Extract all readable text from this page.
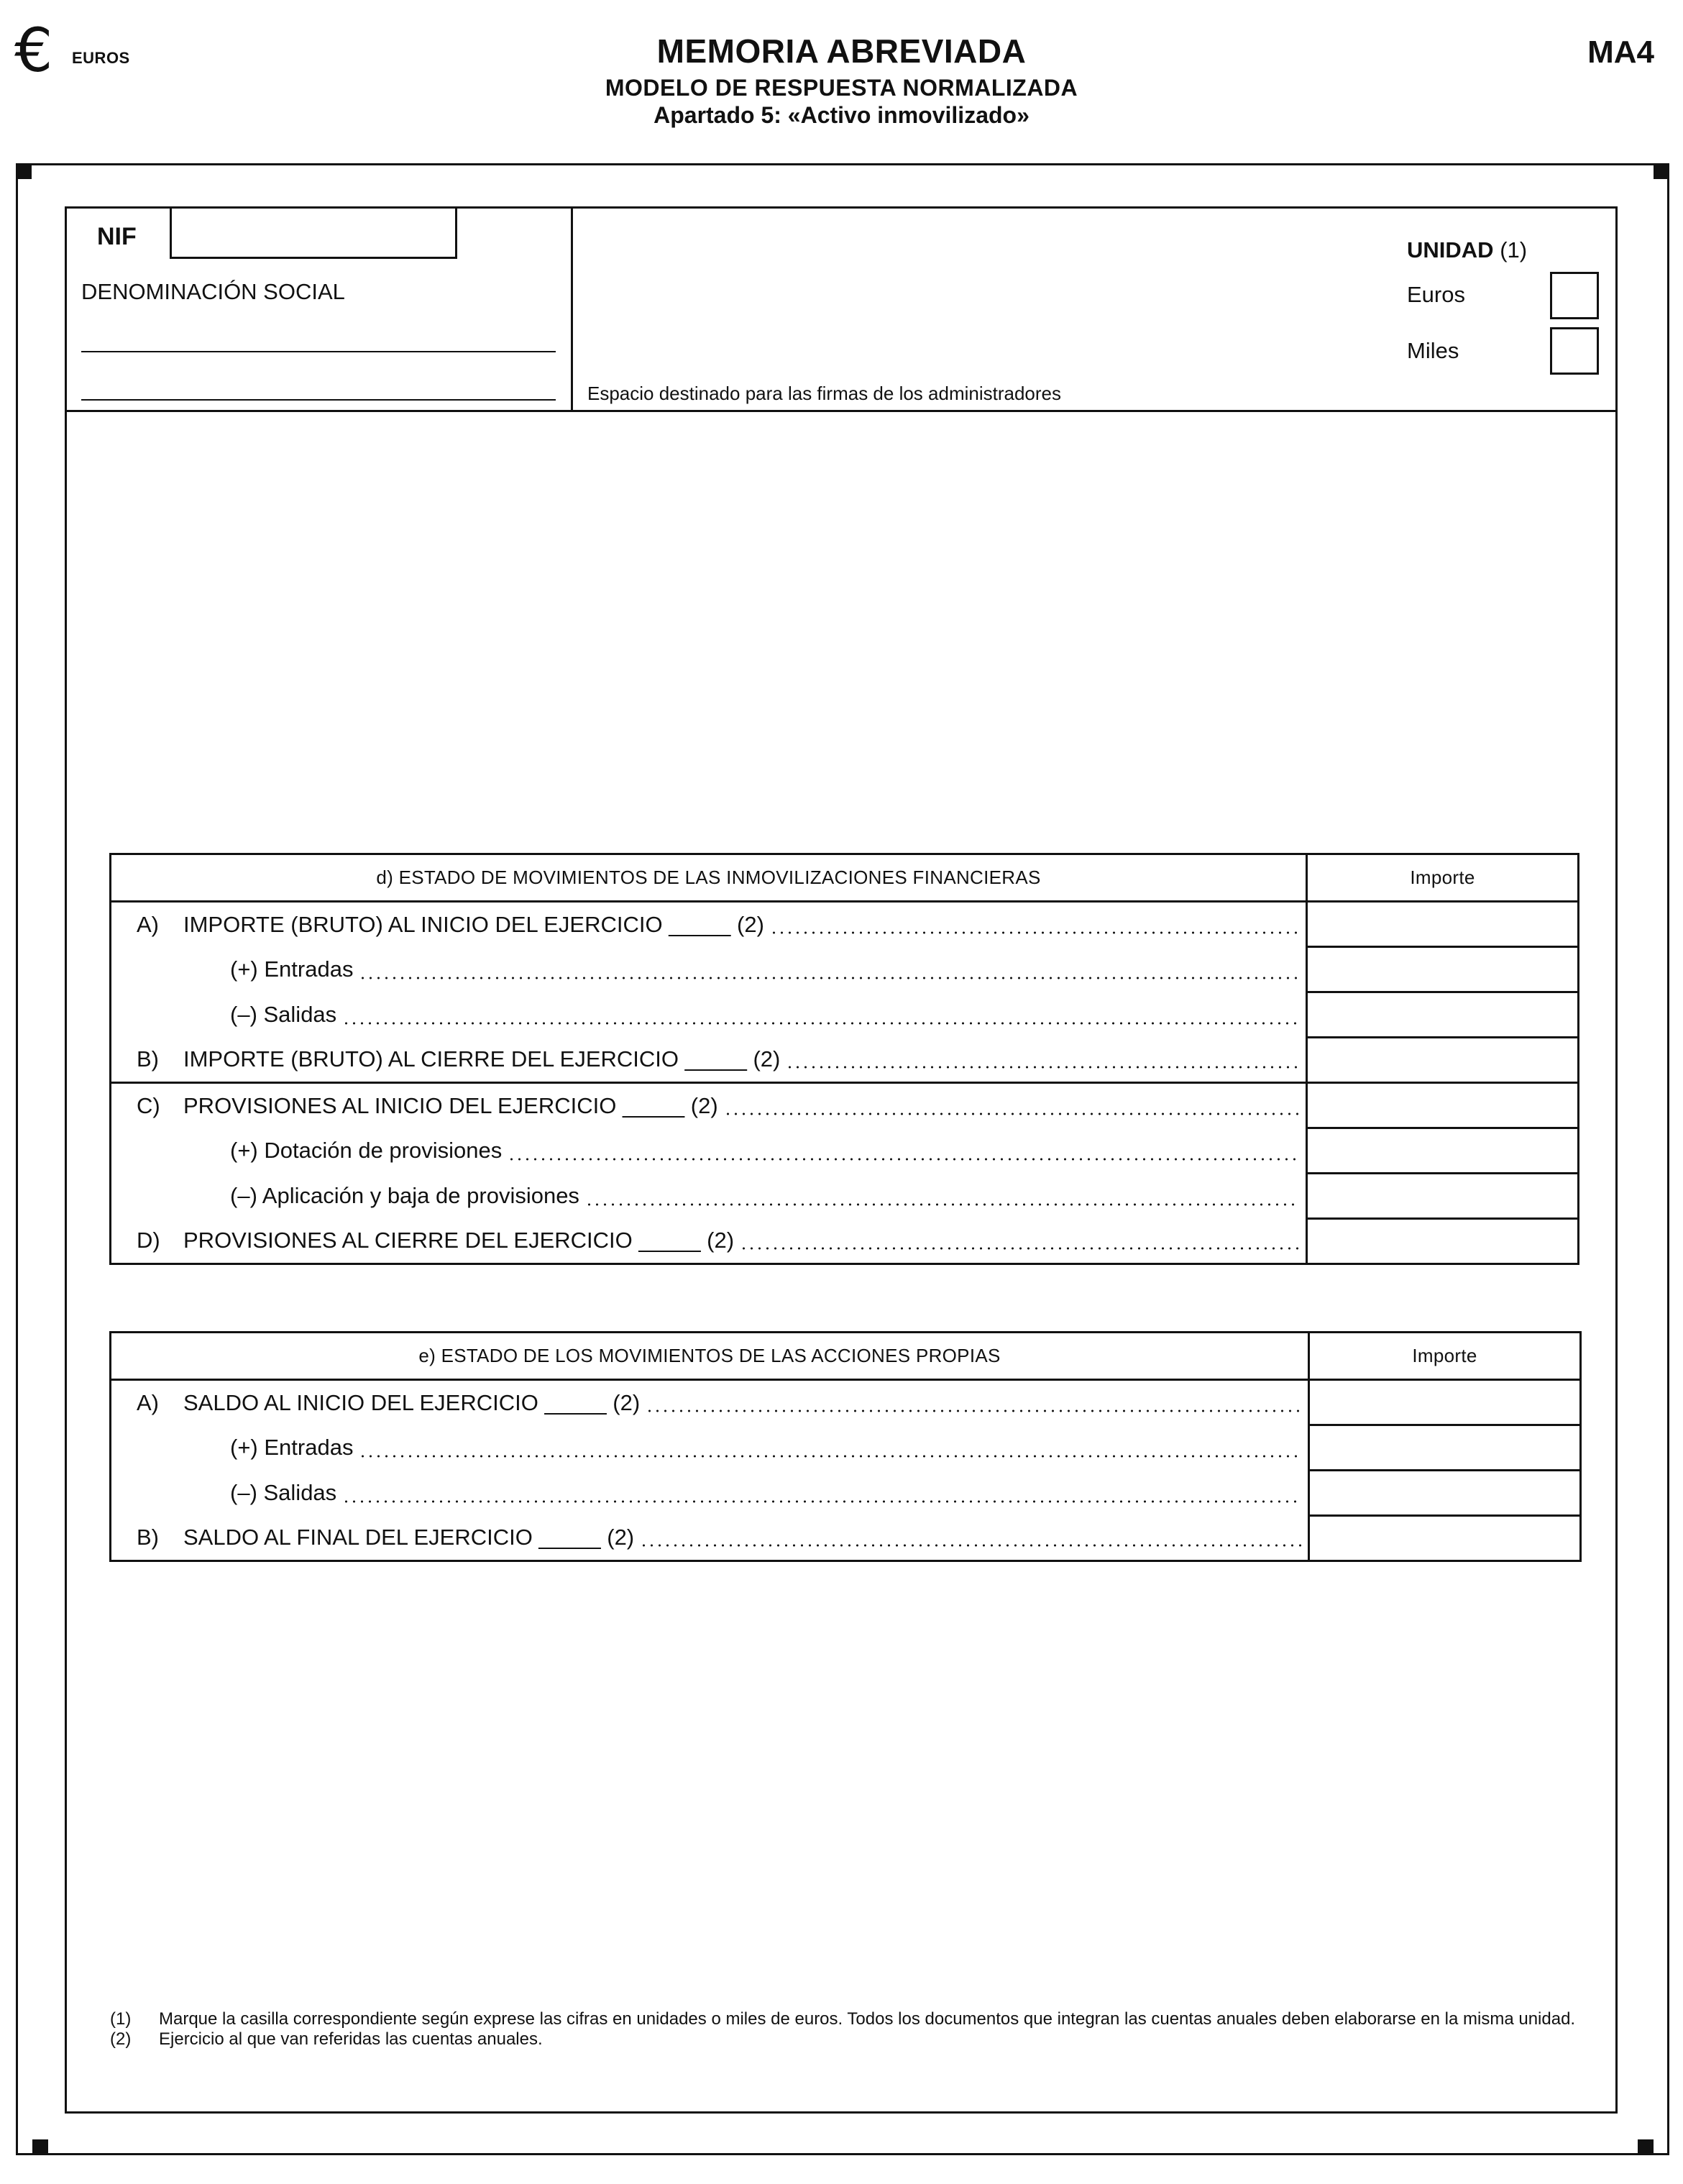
€ EUROS	MEMORIA ABREVIADA
MODELO DE RESPUESTA NORMALIZADA
Apartado 5: «Activo inmovilizado»
MA4
NIF
DENOMINACIÓN SOCIAL
Espacio destinado para las firmas de los administradores
UNIDAD (1)
Euros
Miles
d) ESTADO DE MOVIMIENTOS DE LAS INMOVILIZACIONES FINANCIERAS	Importe

A) IMPORTE (BRUTO) AL INICIO DEL EJERCICIO _____ (2)	

(+) Entradas	

(–) Salidas	

B) IMPORTE (BRUTO) AL CIERRE DEL EJERCICIO _____ (2)	

C) PROVISIONES AL INICIO DEL EJERCICIO _____ (2)	

(+) Dotación de provisiones	

(–) Aplicación y baja de provisiones	

D) PROVISIONES AL CIERRE DEL EJERCICIO _____ (2)	

e) ESTADO DE LOS MOVIMIENTOS DE LAS ACCIONES PROPIAS	Importe

A) SALDO AL INICIO DEL EJERCICIO _____ (2)	

(+) Entradas	

(–) Salidas	

B) SALDO AL FINAL DEL EJERCICIO _____ (2)	

(1)	Marque la casilla correspondiente según exprese las cifras en unidades o miles de euros. Todos los documentos que integran las cuentas anuales deben elaborarse en la misma unidad.
(2)	Ejercicio al que van referidas las cuentas anuales.
